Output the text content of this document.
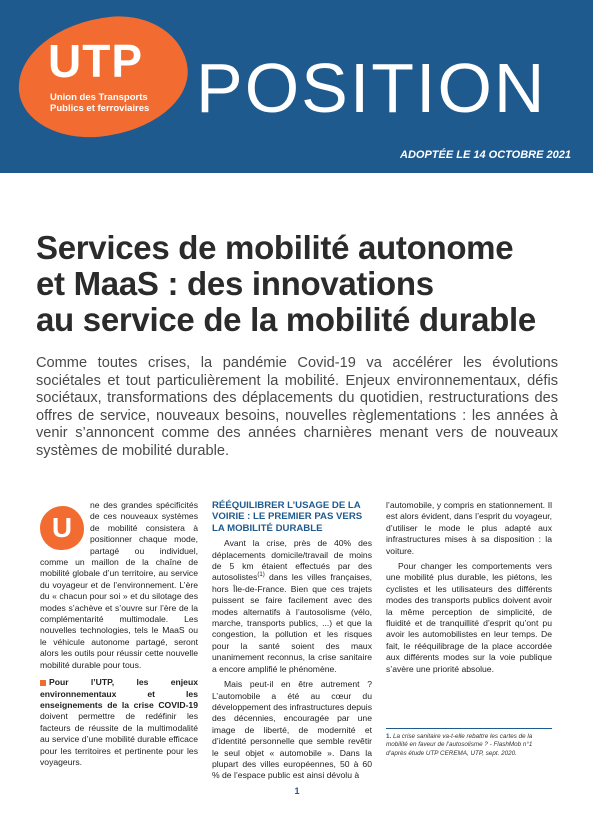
UTP
Union des Transports Publics et ferroviaires POSITION
ADOPTÉE LE 14 OCTOBRE 2021
Services de mobilité autonome
et MaaS : des innovations
au service de la mobilité durable
Comme toutes crises, la pandémie Covid-19 va accélérer les évolutions sociétales et tout particulièrement la mobilité. Enjeux environnementaux, défis sociétaux, transformations des déplacements du quotidien, restructurations des offres de service, nouveaux besoins, nouvelles règlementations : les années à venir s’annoncent comme des années charnières menant vers de nouveaux systèmes de mobilité durable.

U
ne des grandes spécificités de ces nouveaux systèmes de mobilité consistera à positionner chaque mode, partagé ou individuel, comme un maillon de la chaîne de mobilité globale d’un territoire, au service du voyageur et de l’environnement. L’ère du « chacun pour soi » et du silotage des modes s’achève et s’ouvre sur l’ère de la complémentarité multimodale. Les nouvelles technologies, tels le MaaS ou le véhicule autonome partagé, seront alors les outils pour réussir cette nouvelle mobilité durable pour tous.

Pour l’UTP, les enjeux environnementaux et les enseignements de la crise COVID-19 doivent permettre de redéfinir les facteurs de réussite de la multimodalité au service d’une mobilité durable efficace pour les territoires et pertinente pour les voyageurs.

RÉÉQUILIBRER L’USAGE DE LA VOIRIE : LE PREMIER PAS VERS LA MOBILITÉ DURABLE

Avant la crise, près de 40% des déplacements domicile/travail de moins de 5 km étaient effectués par des autosolistes$^{(1)}$ dans les villes françaises, hors Île-de-France. Bien que ces trajets puissent se faire facilement avec des modes alternatifs à l’autosolisme (vélo, marche, transports publics, ...) et que la congestion, la pollution et les risques pour la santé soient des maux unanimement reconnus, la crise sanitaire a encore amplifié le phénomène.

Mais peut-il en être autrement ? L’automobile a été au cœur du développement des infrastructures depuis des décennies, encouragée par une image de liberté, de modernité et d’identité personnelle que semble revêtir le seul objet « automobile ». Dans la plupart des villes européennes, 50 à 60 % de l’espace public est ainsi dévolu à

l’automobile, y compris en stationnement. Il est alors évident, dans l’esprit du voyageur, d’utiliser le mode le plus adapté aux infrastructures mises à sa disposition : la voiture.

Pour changer les comportements vers une mobilité plus durable, les piétons, les cyclistes et les utilisateurs des différents modes des transports publics doivent avoir la même perception de simplicité, de fluidité et de tranquillité d’esprit qu’ont pu avoir les automobilistes en leur temps. De fait, le rééquilibrage de la place accordée aux différents modes sur la voie publique s’avère une priorité absolue.

1. La crise sanitaire va-t-elle rebattre les cartes de la mobilité en faveur de l’autosolisme ? - FlashMob n°1 d’après étude UTP CEREMA, UTP, sept. 2020.
1
